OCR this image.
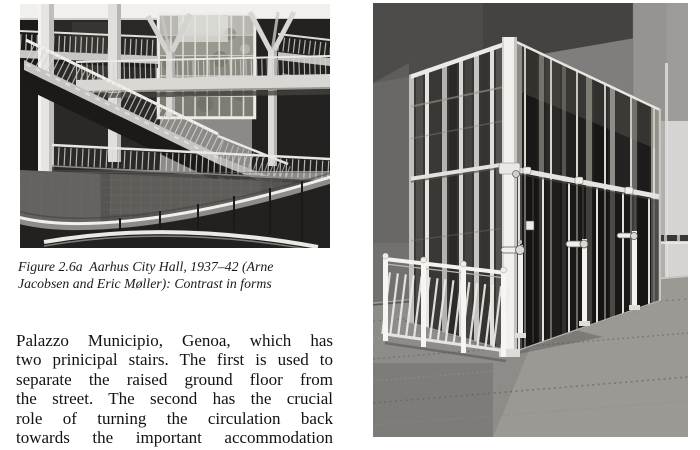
Figure 2.6a  Aarhus City Hall, 1937–42 (Arne
Jacobsen and Eric Møller): Contrast in forms
Palazzo Municipio, Genoa, which has
two prinicipal stairs. The first is used to
separate the raised ground floor from
the street. The second has the crucial
role of turning the circulation back
towards the important accommodation
